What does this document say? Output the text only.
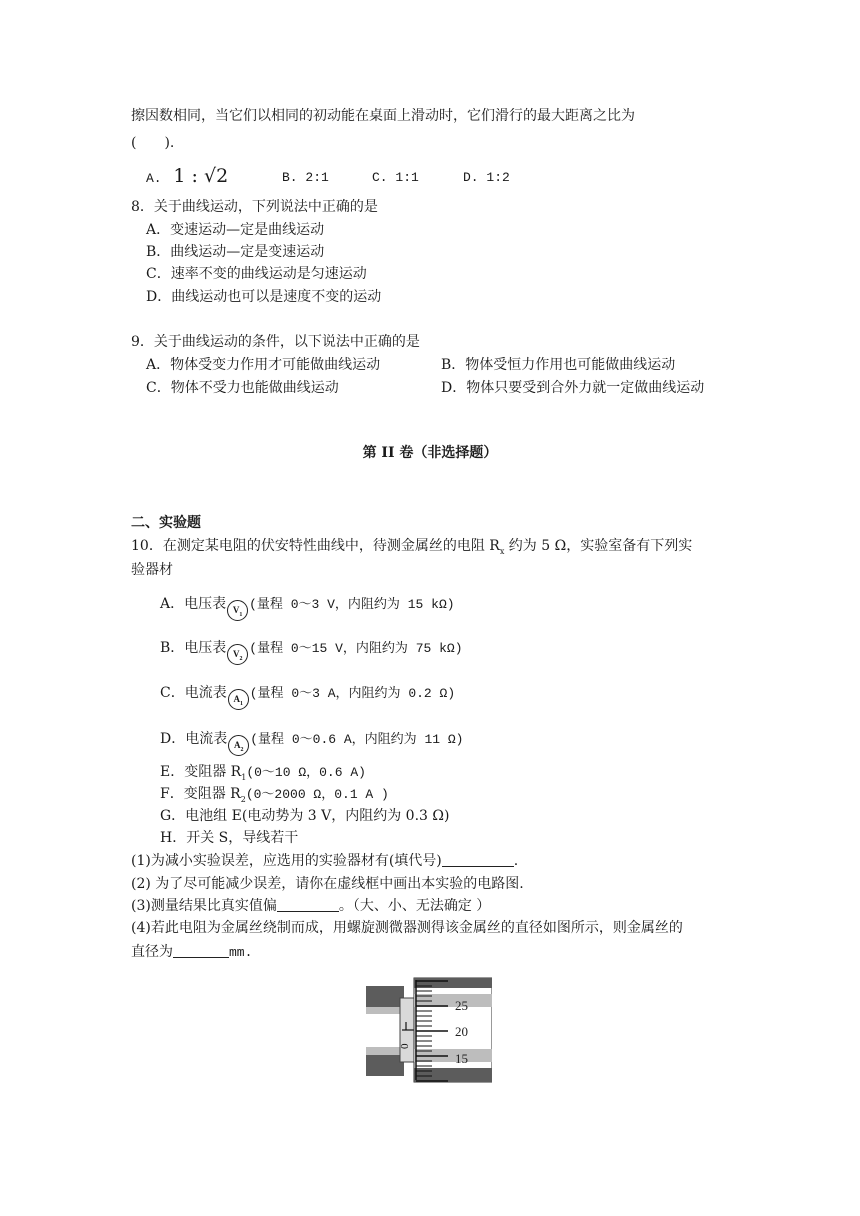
擦因数相同，当它们以相同的初动能在桌面上滑动时，它们滑行的最大距离之比为
(　　).
A. 1 : √2	B. 2:1	C. 1:1	D. 1:2
8．关于曲线运动，下列说法中正确的是
A．变速运动—定是曲线运动
B．曲线运动—定是变速运动
C．速率不变的曲线运动是匀速运动
D．曲线运动也可以是速度不变的运动
9．关于曲线运动的条件，以下说法中正确的是
A．物体受变力作用才可能做曲线运动	B．物体受恒力作用也可能做曲线运动
C．物体不受力也能做曲线运动	D．物体只要受到合外力就一定做曲线运动
第 II 卷（非选择题）
二、实验题
10．在测定某电阻的伏安特性曲线中，待测金属丝的电阻 $R_x$ 约为 5 Ω，实验室备有下列实
验器材
A．电压表 $V_1$(量程 0～3 V，内阻约为 15 kΩ)
B．电压表 $V_2$(量程 0～15 V，内阻约为 75 kΩ)
C．电流表 $A_1$(量程 0～3 A，内阻约为 0.2 Ω)
D．电流表 $A_2$(量程 0～0.6 A，内阻约为 11 Ω)
E．变阻器 $R_1(0\sim 10$ Ω，0.6 A)
F．变阻器 $R_2(0\sim 2000$ Ω，0.1 A )
G．电池组 E(电动势为 3 V，内阻约为 0.3 Ω)
H．开关 S，导线若干
(1)为减小实验误差，应选用的实验器材有(填代号)	.
(2) 为了尽可能减少误差，请你在虚线框中画出本实验的电路图.
(3)测量结果比真实值偏	。（大、小、无法确定 ）
(4)若此电阻为金属丝绕制而成，用螺旋测微器测得该金属丝的直径如图所示，则金属丝的
直径为	mm.
0
25
20
15
